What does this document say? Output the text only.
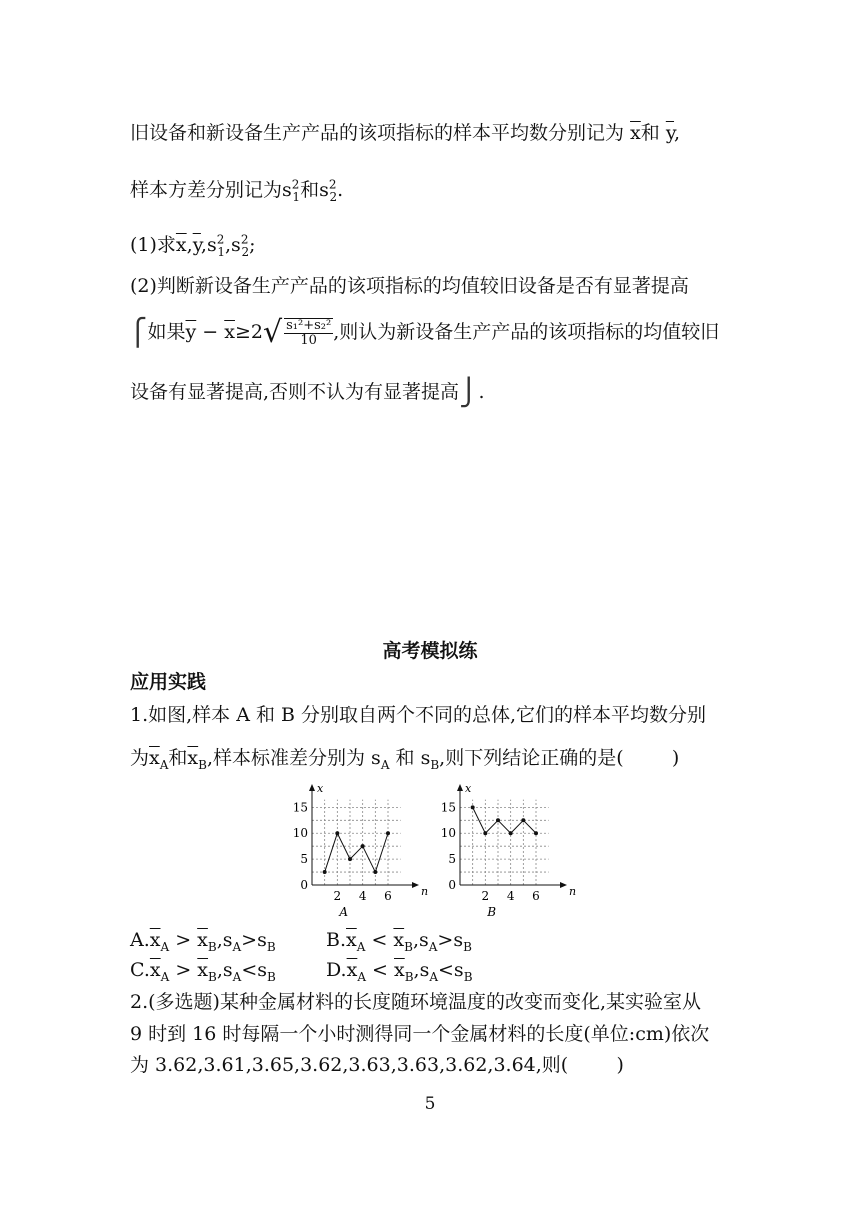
旧设备和新设备生产产品的该项指标的样本平均数分别记为 $\overline{x}$和 $\overline{y}$,
样本方差分别记为$s^2_1$和$s^2_2$.
(1)求$\overline{x},\overline{y},s^2_1,s^2_2$;
(2)判断新设备生产产品的该项指标的均值较旧设备是否有显著提高
⎧如果$\overline{y} - \overline{x}\ge 2√ \frac{\text{s₁²+s₂²}}{10}$ ,则认为新设备生产产品的该项指标的均值较旧
设备有显著提高,否则不认为有显著提高⎭.
高考模拟练
应用实践
1.如图,样本 A 和 B 分别取自两个不同的总体,它们的样本平均数分别
为$\overline{x}_A$和$\overline{x}_B$,样本标准差分别为 $s_A$ 和 $s_B$,则下列结论正确的是(        )
x
n
0
5
10
15
2 4 6
A
x
n
0
5
10
15
2 4 6
B
$A.\overline{x}_A > \overline{x}_B,s_A>s_B$	$B.\overline{x}_A < \overline{x}_B,s_A>s_B$
$C.\overline{x}_A > \overline{x}_B,s_A<s_B$	$D.\overline{x}_A < \overline{x}_B,s_A<s_B$
2.(多选题)某种金属材料的长度随环境温度的改变而变化,某实验室从
9 时到 16 时每隔一个小时测得同一个金属材料的长度(单位:cm)依次
为 3.62,3.61,3.65,3.62,3.63,3.63,3.62,3.64,则(        )
5
